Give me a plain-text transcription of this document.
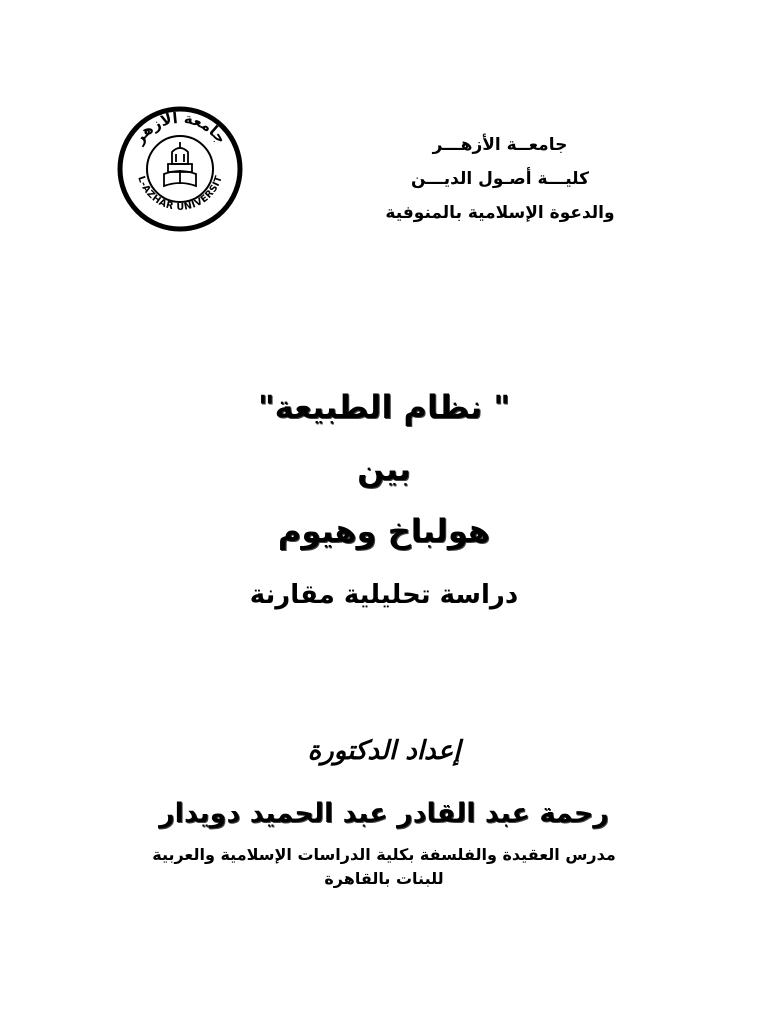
جامعــة الأزهـــر
كليـــة أصـول الديـــن
والدعوة الإسلامية بالمنوفية
جامعة الأزهر
L-AZHAR UNIVERSIT
" نظام الطبيعة"
بين
هولباخ وهيوم
دراسة تحليلية مقارنة
إعداد الدكتورة
رحمة عبد القادر عبد الحميد دويدار
مدرس العقيدة والفلسفة بكلية الدراسات الإسلامية والعربية
للبنات بالقاهرة
